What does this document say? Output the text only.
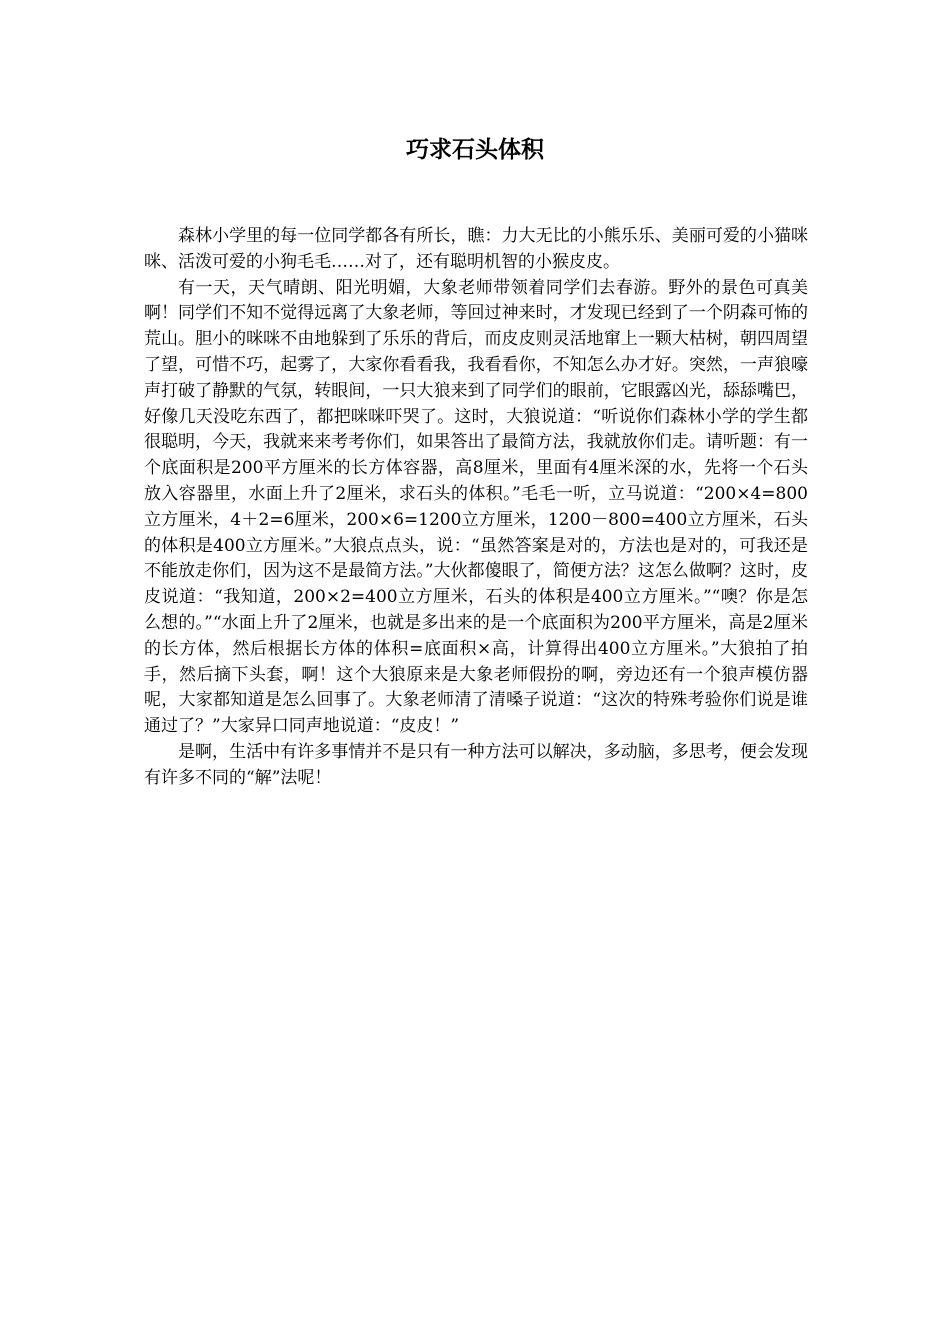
巧求石头体积

森林小学里的每一位同学都各有所长，瞧：力大无比的小熊乐乐、美丽可爱的小猫咪咪、活泼可爱的小狗毛毛……对了，还有聪明机智的小猴皮皮。

有一天，天气晴朗、阳光明媚，大象老师带领着同学们去春游。野外的景色可真美啊！同学们不知不觉得远离了大象老师，等回过神来时，才发现已经到了一个阴森可怖的荒山。胆小的咪咪不由地躲到了乐乐的背后，而皮皮则灵活地窜上一颗大枯树，朝四周望了望，可惜不巧，起雾了，大家你看看我，我看看你，不知怎么办才好。突然，一声狼嚎声打破了静默的气氛，转眼间，一只大狼来到了同学们的眼前，它眼露凶光，舔舔嘴巴，好像几天没吃东西了，都把咪咪吓哭了。这时，大狼说道：“听说你们森林小学的学生都很聪明，今天，我就来来考考你们，如果答出了最简方法，我就放你们走。请听题：有一个底面积是200平方厘米的长方体容器，高8厘米，里面有4厘米深的水，先将一个石头放入容器里，水面上升了2厘米，求石头的体积。”毛毛一听，立马说道：“200×4=800立方厘米，4＋2=6厘米，200×6=1200立方厘米，1200－800=400立方厘米，石头的体积是400立方厘米。”大狼点点头，说：“虽然答案是对的，方法也是对的，可我还是不能放走你们，因为这不是最简方法。”大伙都傻眼了，简便方法？这怎么做啊？这时，皮皮说道：“我知道，200×2=400立方厘米，石头的体积是400立方厘米。”“噢？你是怎么想的。”“水面上升了2厘米，也就是多出来的是一个底面积为200平方厘米，高是2厘米的长方体，然后根据长方体的体积=底面积×高，计算得出400立方厘米。”大狼拍了拍手，然后摘下头套，啊！这个大狼原来是大象老师假扮的啊，旁边还有一个狼声模仿器呢，大家都知道是怎么回事了。大象老师清了清嗓子说道：“这次的特殊考验你们说是谁通过了？”大家异口同声地说道：“皮皮！”

是啊，生活中有许多事情并不是只有一种方法可以解决，多动脑，多思考，便会发现有许多不同的“解”法呢！
